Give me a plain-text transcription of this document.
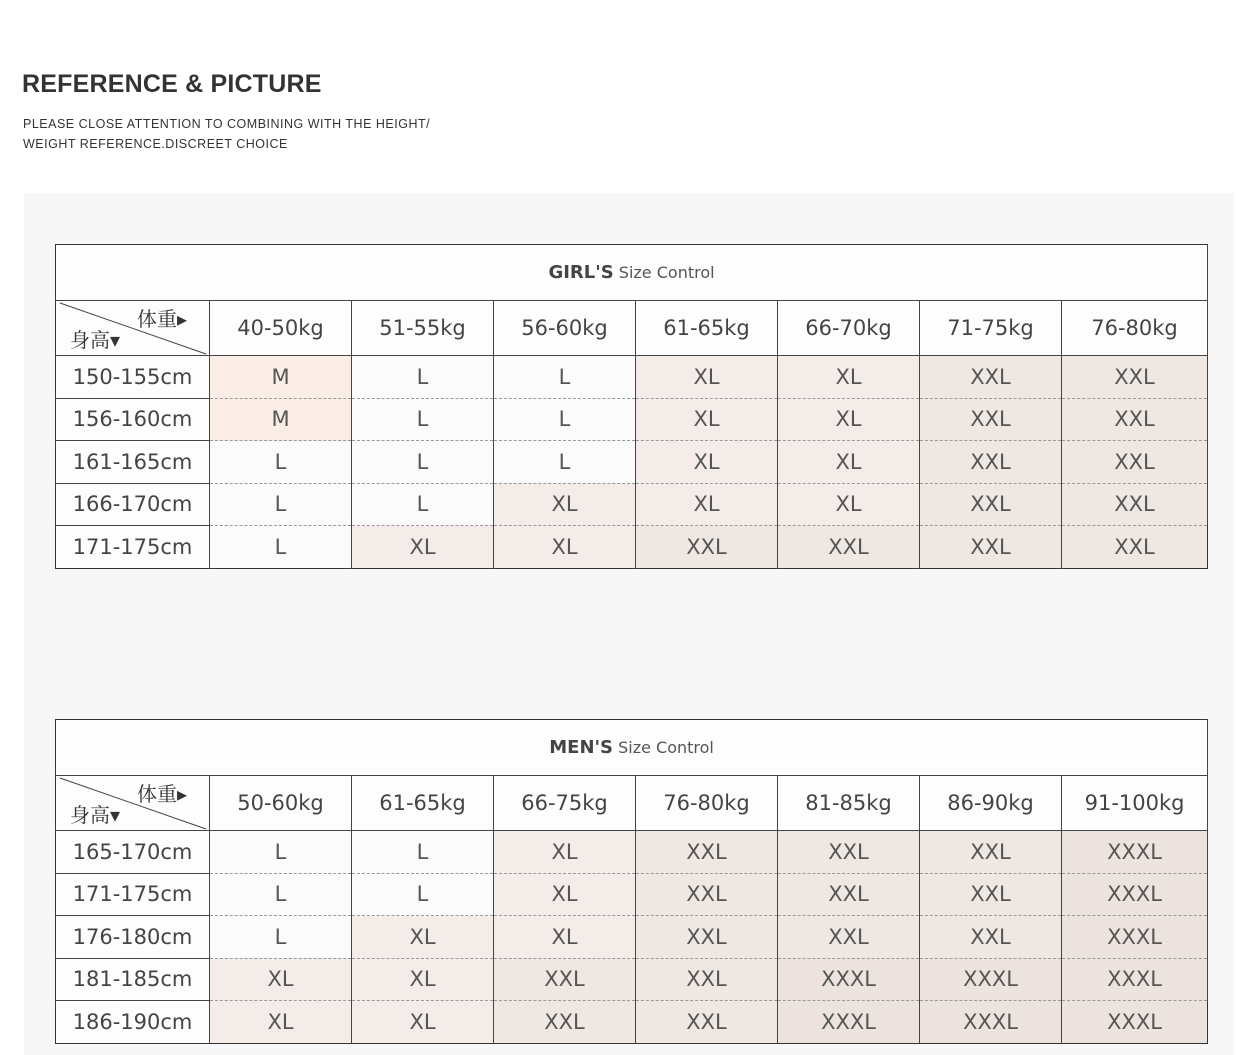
REFERENCE & PICTURE
PLEASE CLOSE ATTENTION TO COMBINING WITH THE HEIGHT/
WEIGHT REFERENCE.DISCREET CHOICE
GIRL'S Size Control							

体重▸
身高▾	40-50kg	51-55kg	56-60kg	61-65kg	66-70kg	71-75kg	76-80kg
150-155cm	M	L	L	XL	XL	XXL	XXL
156-160cm	M	L	L	XL	XL	XXL	XXL
161-165cm	L	L	L	XL	XL	XXL	XXL
166-170cm	L	L	XL	XL	XL	XXL	XXL
171-175cm	L	XL	XL	XXL	XXL	XXL	XXL
MEN'S Size Control							

体重▸
身高▾	50-60kg	61-65kg	66-75kg	76-80kg	81-85kg	86-90kg	91-100kg
165-170cm	L	L	XL	XXL	XXL	XXL	XXXL
171-175cm	L	L	XL	XXL	XXL	XXL	XXXL
176-180cm	L	XL	XL	XXL	XXL	XXL	XXXL
181-185cm	XL	XL	XXL	XXL	XXXL	XXXL	XXXL
186-190cm	XL	XL	XXL	XXL	XXXL	XXXL	XXXL
